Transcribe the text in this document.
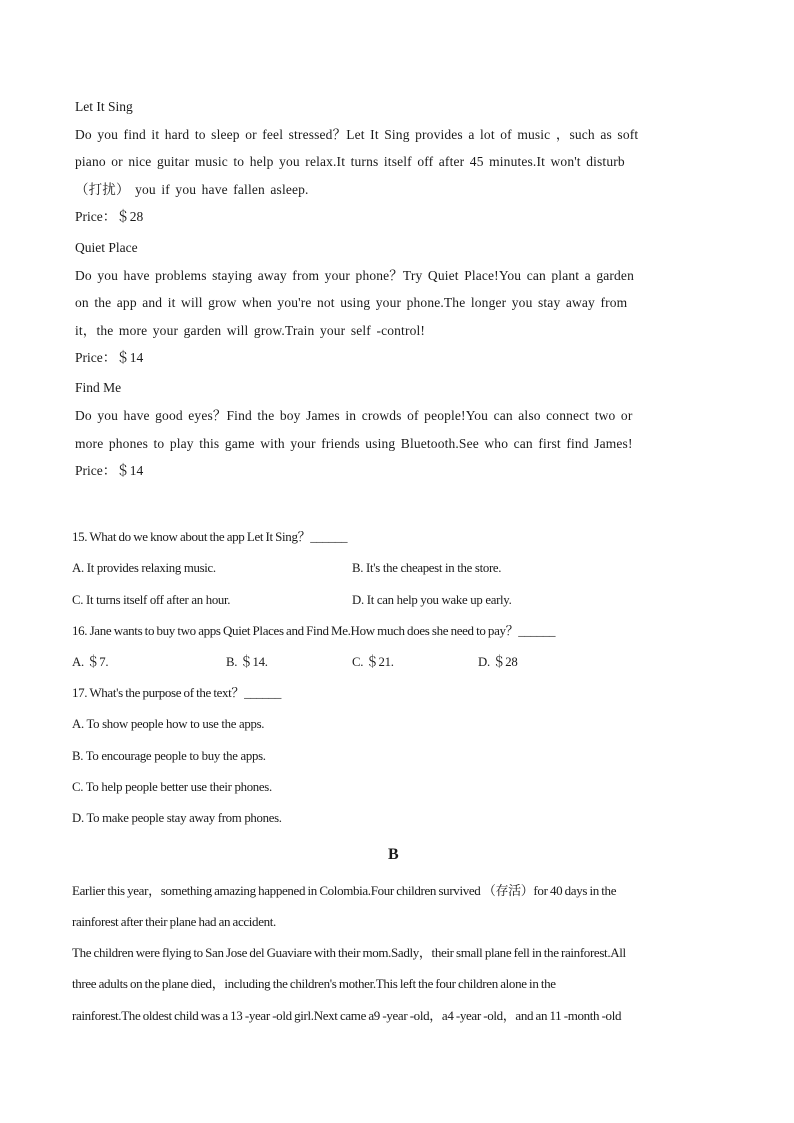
Let It Sing
Do you find it hard to sleep or feel stressed？Let It Sing provides a lot of music ，such as soft
piano or nice guitar music to help you relax.It turns itself off after 45 minutes.It won't disturb
（打扰） you if you have fallen asleep.
Price：＄28
Quiet Place
Do you have problems staying away from your phone？Try Quiet Place!You can plant a garden
on the app and it will grow when you're not using your phone.The longer you stay away from
it，the more your garden will grow.Train your self -control!
Price：＄14
Find Me
Do you have good eyes？Find the boy James in crowds of people!You can also connect two or
more phones to play this game with your friends using Bluetooth.See who can first find James!
Price：＄14
15. What do we know about the app Let It Sing？______
A. It provides relaxing music.	B. It's the cheapest in the store.
C. It turns itself off after an hour.	D. It can help you wake up early.
16. Jane wants to buy two apps Quiet Places and Find Me.How much does she need to pay？______
A. ＄7.	B. ＄14.	C. ＄21.	D. ＄28
17. What's the purpose of the text？______
A. To show people how to use the apps.
B. To encourage people to buy the apps.
C. To help people better use their phones.
D. To make people stay away from phones.
B
Earlier this year，something amazing happened in Colombia.Four children survived （存活）for 40 days in the
rainforest after their plane had an accident.
The children were flying to San Jose del Guaviare with their mom.Sadly，their small plane fell in the rainforest.All
three adults on the plane died，including the children's mother.This left the four children alone in the
rainforest.The oldest child was a 13 -year -old girl.Next came a9 -year -old，a4 -year -old，and an 11 -month -old
